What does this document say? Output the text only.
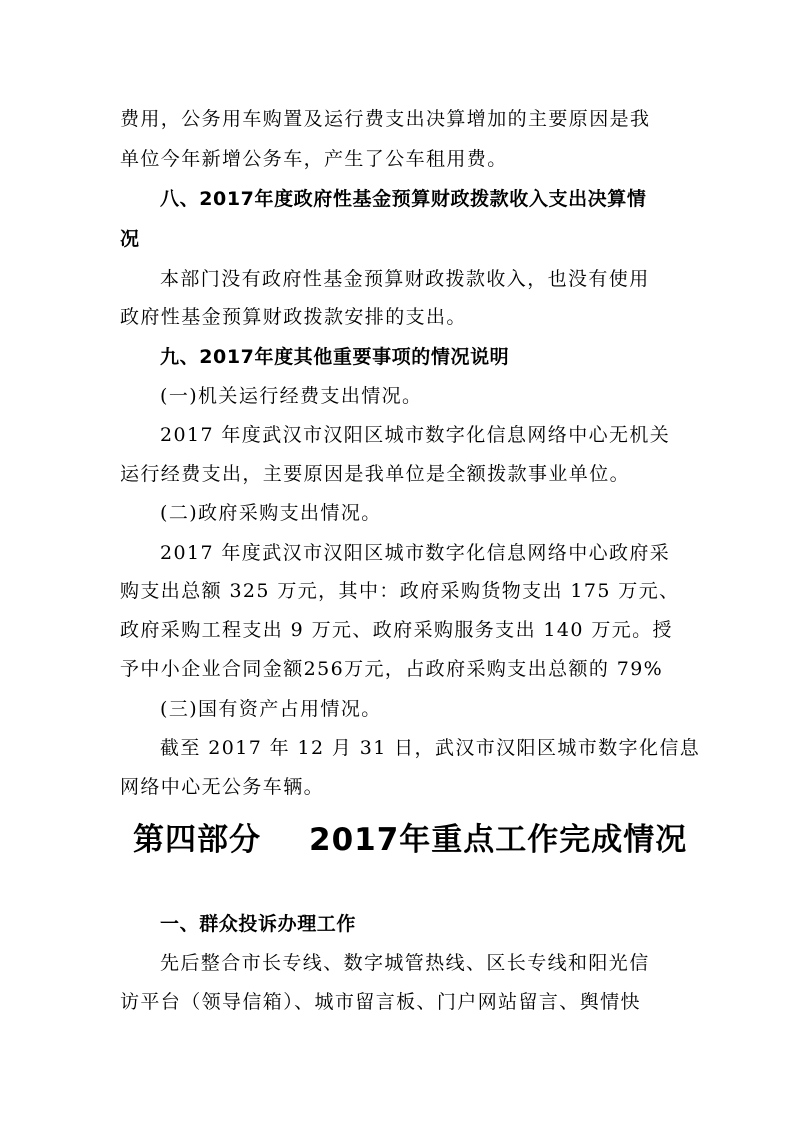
费用，公务用车购置及运行费支出决算增加的主要原因是我
单位今年新增公务车，产生了公车租用费。
八、2017年度政府性基金预算财政拨款收入支出决算情
况
本部门没有政府性基金预算财政拨款收入，也没有使用
政府性基金预算财政拨款安排的支出。
九、2017年度其他重要事项的情况说明
(一)机关运行经费支出情况。
2017 年度武汉市汉阳区城市数字化信息网络中心无机关
运行经费支出，主要原因是我单位是全额拨款事业单位。
(二)政府采购支出情况。
2017 年度武汉市汉阳区城市数字化信息网络中心政府采
购支出总额 325 万元，其中：政府采购货物支出 175 万元、
政府采购工程支出 9 万元、政府采购服务支出 140 万元。授
予中小企业合同金额256万元，占政府采购支出总额的 79%
(三)国有资产占用情况。
截至 2017 年 12 月 31 日，武汉市汉阳区城市数字化信息
网络中心无公务车辆。
第四部分 2017年重点工作完成情况
一、群众投诉办理工作
先后整合市长专线、数字城管热线、区长专线和阳光信
访平台（领导信箱）、城市留言板、门户网站留言、舆情快
